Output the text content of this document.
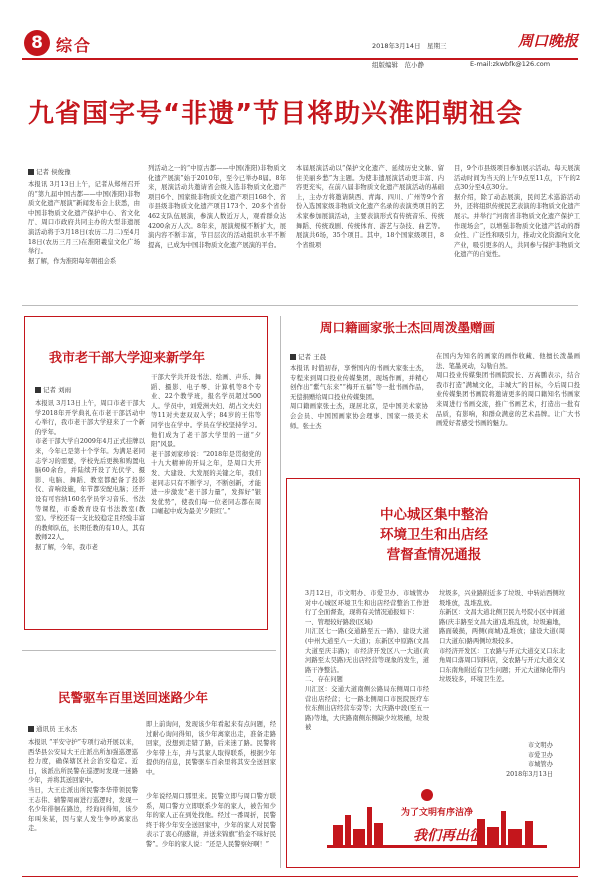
8 综合	2018年3月14日　星期三
组版编辑　范小静
周口晚报
E-mail:zkwbfk@126.com
九省国字号“非遗”节目将助兴淮阳朝祖会
记者 侯俊豫
本报讯 3月13日上午，记者从郑州召开的“第九届中国古都——中国(淮阳)非物质文化遗产展演”新闻发布会上获悉，由中国非物质文化遗产保护中心、省文化厅、周口市政府共同主办的大型非遗展演活动将于3月18日(农历二月二)至4月18日(农历三月三)在淮阳羲皇文化广场举行。
据了解，作为淮阳每年朝祖会系
列活动之一的“中原古都——中国(淮阳)非物质文化遗产展演”始于2010年，至今已举办8届。8年来，展演活动共邀请省会级入选非物质文化遗产项目6个、国家级非物质文化遗产项目168个、省市县级非物质文化遗产项目173个、20多个省份462支队伍展演，参演人数近万人，观看群众达4200余万人次。8年来，展演规模不断扩大，展演内容不断丰富，节目层次的活动组织水平不断提高，已成为中国非物质文化遗产展演的平台。
本届展演活动以“保护文化遗产、延续历史文脉、留住美丽乡愁”为主题。为使非遗展演活动更丰富、内容更充实，在前八届非物质文化遗产展演活动的基础上，主办方将邀请陕西、青海、四川、广州等9个省份入选国家级非物质文化遗产名录的表演类项目的艺术家参加展演活动，主要表演形式有传统音乐、传统舞蹈、传统戏剧、传统体育、游艺与杂技、曲艺等。展演共6场，35个项目。其中，18个国家级项目，8个省级项
目，9个市县级项目参加展示活动。每天展演活动时间为当天的上午9点至11点，下午的2点30分至4点30分。
据介绍，除了动态展演，民间艺术巡游活动外，还将组织传统民艺表演的非物质文化遗产展示。并举行“河南省非物质文化遗产保护工作现场会”，以增强非物质文化遗产活动的群众性、广泛性和吸引力，推动文化资源向文化产业，吸引更多的人，共同参与保护非物质文化遗产的自觉性。
我市老干部大学迎来新学年
记者 刘雨
本报讯 3月13日上午，周口市老干部大学2018年开学典礼在市老干部活动中心举行，我市老干部大学迎来了一个新的学年。
市老干部大学自2009年4月正式挂牌以来，今年已是第十个学年。为满足老同志学习的需要，学校先后更换和购置电脑60余台，并陆续开设了光伏学、摄影、电脑、舞蹈、教室都配备了投影仪、音响设施，年节都安配电脑；还开设有可容纳160名学员学习音乐、书法等课程，市委教育设有书法教室(教室)。学校还有一支比较稳定且经验丰富的教师队伍，长期任教的有10人，其有教师22人。
据了解，今年，我市老
干部大学共开设书法、绘画、声乐、舞蹈、摄影、电子琴、计算机等8个专业、22个教学班，报名学员超过500人。学员中，刘爱洲夫妇、胡占文夫妇等11对夫妻双双入学；84岁的王伟等同学也在学中。学员在学校坚持学习。他们成为了老干部大学里的一道“夕阳”风景。
老干部刘家珍说：“2018年是贯彻党的十九大精神的开局之年，是周口大开发、大建设、大发展的关键之年，我们老同志只有不断学习，不断创新，才能进一步激发“老干部力量”，发挥好“银发优势”，使我们每一位老同志都在周口崛起中成为最美‘夕阳红’。”
周口籍画家张士杰回周泼墨赠画
记者 王晨
本报讯 时值初春，享誉国内的书画大家张士杰，专程来到周口投业传媒集团，现场作画，并精心创作出“紫气东来”“梅开五福”等一批书画作品，无偿捐赠给周口投业传媒集团。
周口籍画家张士杰，现居北京，是中国美术家协会会员、中国国画家协会理事、国家一级美术师。张士杰
在国内为知名的画家的画作收藏、他擅长泼墨画法、笔墨灵动，勾勒自然。
周口投业传媒集团书画院院长、万高鹏表示，结合我市打造“满城文化，丰城大”的目标，今后周口投业传媒集团书画院将邀请更多的周口籍知名书画家来周进行书画交流，推广书画艺术，打造出一批有品质，有影响，和群众满意的艺术品牌。让广大书画爱好者感受书画的魅力。
中心城区集中整治环境卫生和出店经营督查情况通报
3月12日，市文明办、市爱卫办、市城管办对中心城区环境卫生和出店经营整治工作进行了全面督查，现将有关情况通报如下：
一、管理较好路段(区域)
川汇区七一路(交通路至五一路)、建设大道(中州大道至八一大道)；东新区中原路(文昌大道至庆丰路)；市经济开发区八一大道(黄河路至太昊路)无出店经营等现象的发生，道路干净整洁。
二、存在问题
川汇区：交通大道南侧公路局东侧周口市经营出店经营；七一路北侧周口市医院医疗车位东侧出店经营车旁等；大庆路中段(至五一路)等地，大庆路南侧东侧缺少垃圾桶，垃圾被
垃圾多，兴业路附近多了垃圾、中转站西侧垃圾堆放，乱堆乱放。
东新区：文昌大道北侧卫民九号院小区中间道路(庆丰路至文昌大道)乱堆乱放，垃圾遍地，路面破损，两侧(商城)乱堆放；建设大道(周口大道东)路两侧垃圾较多。
市经济开发区：工农路与开元大道交叉口东北角周口落周口饲料店，交农路与开元大道交叉口东南角附近有卫生问题；开元大道绿化带内垃圾较多，环境卫生差。
市文明办
市爱卫办
市城管办
2018年3月13日
为了文明有序洁净
我们再出征
民警驱车百里送回迷路少年
通讯员 王永杰
本报讯 “平安守护”专项行动开展以来，西华县公安局大王庄派出所加强巡逻巡控力度，确保辖区社会治安稳定。近日，该派出所民警在巡逻时发现一迷路少年，并将其送回家中。
当日，大王庄派出所民警李华带领民警王志伟、辅警周雨进行巡逻时，发现一名少年徘徊在路边，经询问得知，该少年叫朱某，因与家人发生争吵离家出走。
即上前询问，发现该少年看起来有点问题，经过耐心询问得知，该少年离家出走，准备走路回家，没想到走错了路，后来迷了路。民警将少年带上车，并与其家人取得联系，根据少年提供的信息，民警驱车百余里将其安全送回家中。
少年说经周口那里来。民警立即与周口警方联系，周口警方立即联系少年的家人，被告知少年的家人正在到处找他。经过一番周折，民警终于将少年安全送回家中，少年的家人对民警表示了衷心的感谢，并送来锦旗“拾金不昧好民警”。少年的家人说：“还是人民警察好啊！”
